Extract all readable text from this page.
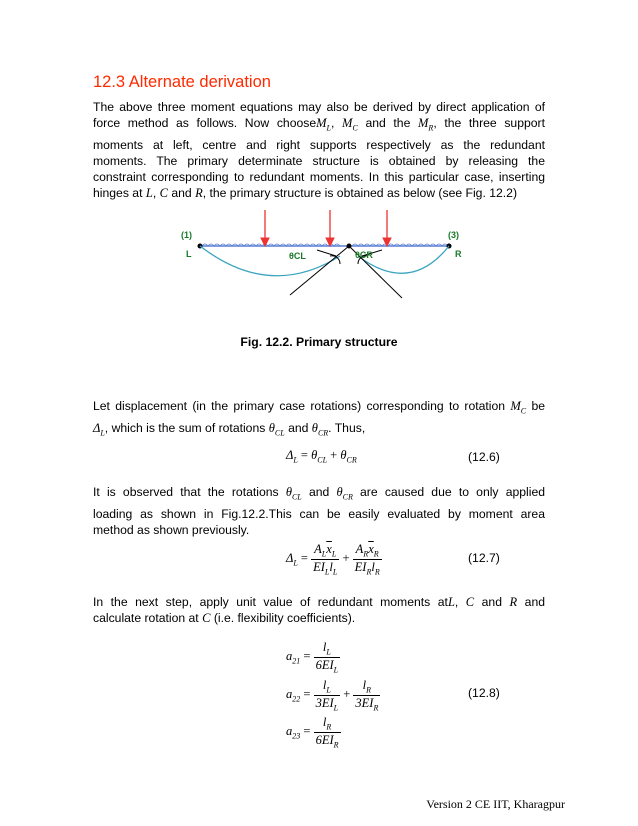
12.3 Alternate derivation
The above three moment equations may also be derived by direct application of
force method as follows. Now chooseM$_L$, $M_C$ and the $M_R$, the three support
moments at left, centre and right supports respectively as the redundant
moments. The primary determinate structure is obtained by releasing the
constraint corresponding to redundant moments. In this particular case, inserting
hinges at L, C and R, the primary structure is obtained as below (see Fig. 12.2)
(1)
L
(3)
R
θCL	θCR
Fig. 12.2. Primary structure
Let displacement (in the primary case rotations) corresponding to rotation $M_C$ be
$\Delta_L$, which is the sum of rotations $\theta_{CL}$ and $\theta_{CR}$. Thus,
$\Delta_L = \theta_{CL} + \theta_{CR}$	(12.6)
It is observed that the rotations $\theta_{CL}$ and $\theta_{CR}$ are caused due to only applied
loading as shown in Fig.12.2.This can be easily evaluated by moment area
method as shown previously.
$\Delta_L = \frac{A_L\overline{x}_L}{EI_Ll_L} + \frac{A_R\overline{x}_R}{EI_Rl_R}$	(12.7)
In the next step, apply unit value of redundant moments atL, C and R and
calculate rotation at C (i.e. flexibility coefficients).
$a_{21} = \frac{l_L}{6EI_L}$
$a_{22} = \frac{l_L}{3EI_L} + \frac{l_R}{3EI_R}$	(12.8)
$a_{23} = \frac{l_R}{6EI_R}$
Version 2 CE IIT, Kharagpur
